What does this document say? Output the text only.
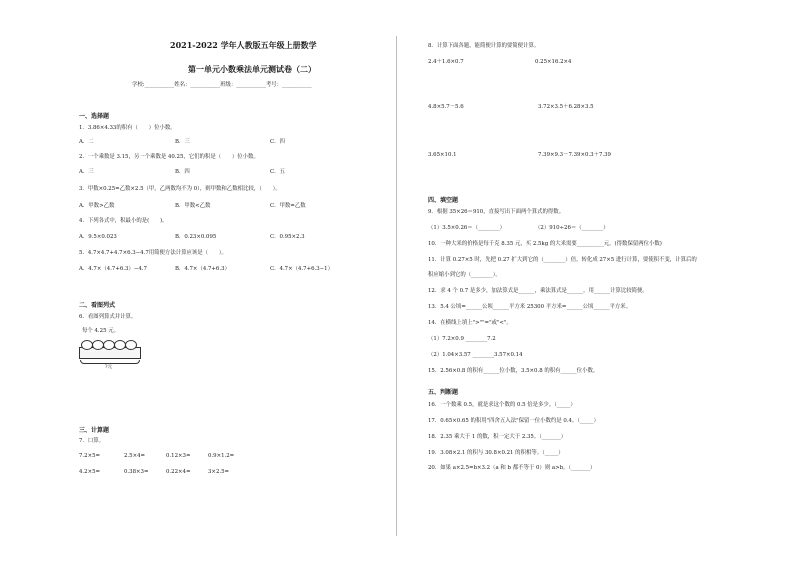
2021-2022 学年人教版五年级上册数学
第一单元小数乘法单元测试卷（二）
学校:___________姓名：___________班级：___________考号：___________
一、选择题
1．3.86×4.33的积有（　　）位小数。
A．二	B．三	C．四
2．一个乘数是 3.15，另一个乘数是 40.25，它们的积是（　　）位小数。
A．三	B．四	C．五
3．甲数×0.25=乙数×2.5（甲，乙两数均不为 0），则甲数和乙数相比较，（　　）。
A．甲数>乙数	B．甲数<乙数	C．甲数=乙数
4．下列各式中，积最小的是(　　)。
A．9.5×0.023	B．0.23×0.095	C．0.95×2.3
5．4.7×4.7+4.7×6.3−4.7用简便方法计算应该是（　　）。
A．4.7×（4.7+6.3）−4.7	B．4.7×（4.7+6.3）	C．4.7×（4.7+6.3−1）
二、看图列式
6．看图列算式并计算。
每个 4.25 元。
?元
三、计算题
7．口算。
7.2×5=	2.5×4=	0.12×3=	0.9×1.2=
4.2×5=	0.38×3=	0.22×4=	3×2.5=
8．计算下面各题，能简便计算的要简便计算。
2.4＋1.6×0.7	0.25×16.2×4
4.8×5.7－5.6	3.72×3.5＋6.28×3.5
3.65×10.1	7.39×9.3－7.39×0.3＋7.39
四、填空题
9．根据 35×26＝910，直接写出下面两个算式的得数。
（1）3.5×0.26＝（________）	（2）910÷26＝（________）
10．一种大米的价格是每千克 8.35 元，买 2.5kg 的大米需要__________元。(得数保留两位小数)
11．计算 0.27×5 时，先把 0.27 扩大到它的（________）倍，转化成 27×5 进行计算，要使积不变，计算后的
积应缩小到它的（________）。
12．求 4 个 0.7 是多少，加法算式是______，乘法算式是______，用______计算比较简便。
13．5.4 公顷=______公顷______平方米 25300 平方米=______公顷______平方米。
14．在横线上填上">""="或"<"。
（1）7.2×0.9 ________7.2
（2）1.04×3.57 ________3.57×0.14
15．2.56×0.8 的积有______位小数，3.5×0.8 的积有______位小数。
五、判断题
16．一个数乘 0.5，就是求这个数的 0.5 倍是多少。（_____）
17．0.65×0.65 的积用"四舍五入法"保留一位小数约是 0.4。（_____）
18．2.35 乘大于 1 的数，积一定大于 2.35。（_______）
19．3.08×2.1 的积与 30.8×0.21 的积相等。（_____）
20．如果 a×2.5=b×3.2（a 和 b 都不等于 0）则 a>b。（_______）
